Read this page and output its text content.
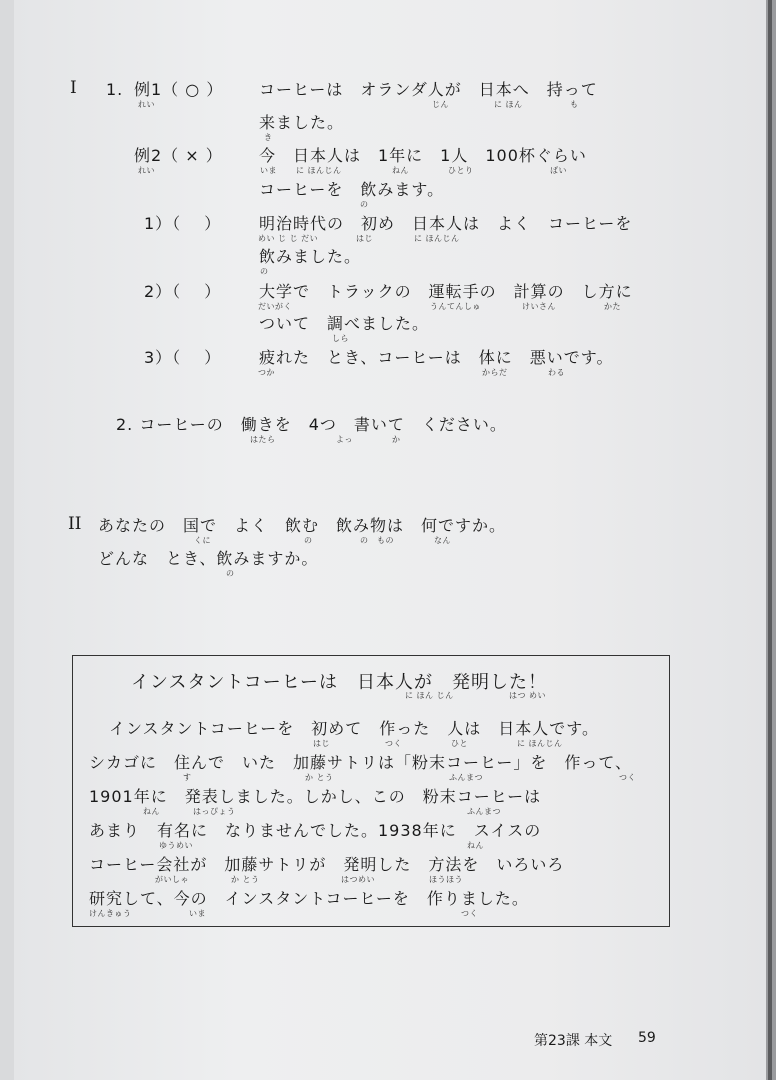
I 1. 例1（ ○ ）
れい
コーヒーは　オランダ人が　日本へ　持って
じん	に ほん	も
来ました。
き
例2（ × ）
れい
今　日本人は　1年に　1人　100杯ぐらい
いま に ほんじん	ねん	ひとり	ばい
コーヒーを　飲みます。
の
1）（　 ） 明治時代の　初め　日本人は　よく　コーヒーを
めい じ じ だい	はじ	に ほんじん
飲みました。
の
2）（　 ） 大学で　トラックの　運転手の　計算の　し方に
だいがく	うんてんしゅ	けいさん	かた
ついて　調べました。
しら
3）（　 ） 疲れた　とき、コーヒーは　体に　悪いです。
つか	からだ	わる
2. コーヒーの　働きを　4つ　書いて　ください。
はたら	よっ	か
II あなたの　国で　よく　飲む　飲み物は　何ですか。
くに	の	の　もの	なん
どんな　とき、飲みますか。
の
インスタントコーヒーは　日本人が　発明した！
に ほん じん	はつ めい
インスタントコーヒーを　初めて　作った　人は　日本人です。
はじ	つく	ひと	に ほんじん
シカゴに　住んで　いた　加藤サトリは「粉末コーヒー」を　作って、
す	か とう	ふんまつ	つく
1901年に　発表しました。しかし、この　粉末コーヒーは
ねん	はっぴょう	ふんまつ
あまり　有名に　なりませんでした。1938年に　スイスの
ゆうめい	ねん
コーヒー会社が　加藤サトリが　発明した　方法を　いろいろ
がいしゃ	か とう	はつめい	ほうほう
研究して、今の　インスタントコーヒーを　作りました。
けんきゅう	いま	つく
第23課 本文 59
